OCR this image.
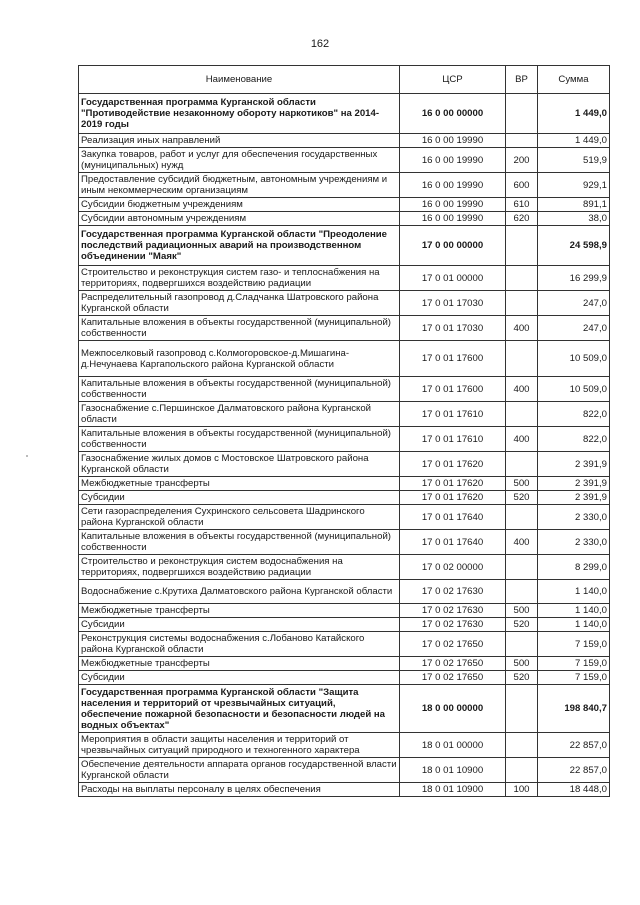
162
Наименование	ЦСР	ВР	Сумма
Государственная программа Курганской области "Противодействие незаконному обороту наркотиков" на 2014-2019 годы	16 0 00 00000		1 449,0
Реализация иных направлений	16 0 00 19990		1 449,0
Закупка товаров, работ и услуг для обеспечения государственных (муниципальных) нужд	16 0 00 19990	200	519,9
Предоставление субсидий бюджетным, автономным учреждениям и иным некоммерческим организациям	16 0 00 19990	600	929,1
Субсидии бюджетным учреждениям	16 0 00 19990	610	891,1
Субсидии автономным учреждениям	16 0 00 19990	620	38,0
Государственная программа Курганской области "Преодоление последствий радиационных аварий на производственном объединении "Маяк"	17 0 00 00000		24 598,9
Строительство и реконструкция систем газо- и теплоснабжения на территориях, подвергшихся воздействию радиации	17 0 01 00000		16 299,9
Распределительный газопровод д.Сладчанка Шатровского района Курганской области	17 0 01 17030		247,0
Капитальные вложения в объекты государственной (муниципальной) собственности	17 0 01 17030	400	247,0
Межпоселковый газопровод с.Колмогоровское-д.Мишагина-д.Нечунаева Каргапольского района Курганской области	17 0 01 17600		10 509,0
Капитальные вложения в объекты государственной (муниципальной) собственности	17 0 01 17600	400	10 509,0
Газоснабжение с.Першинское Далматовского района Курганской области	17 0 01 17610		822,0
Капитальные вложения в объекты государственной (муниципальной) собственности	17 0 01 17610	400	822,0
Газоснабжение жилых домов с Мостовское Шатровского района Курганской области	17 0 01 17620		2 391,9
Межбюджетные трансферты	17 0 01 17620	500	2 391,9
Субсидии	17 0 01 17620	520	2 391,9
Сети газораспределения Сухринского сельсовета Шадринского района Курганской области	17 0 01 17640		2 330,0
Капитальные вложения в объекты государственной (муниципальной) собственности	17 0 01 17640	400	2 330,0
Строительство и реконструкция систем водоснабжения на территориях, подвергшихся воздействию радиации	17 0 02 00000		8 299,0
Водоснабжение с.Крутиха Далматовского района Курганской области	17 0 02 17630		1 140,0
Межбюджетные трансферты	17 0 02 17630	500	1 140,0
Субсидии	17 0 02 17630	520	1 140,0
Реконструкция системы водоснабжения с.Лобаново Катайского района Курганской области	17 0 02 17650		7 159,0
Межбюджетные трансферты	17 0 02 17650	500	7 159,0
Субсидии	17 0 02 17650	520	7 159,0
Государственная программа Курганской области "Защита населения и территорий от чрезвычайных ситуаций, обеспечение пожарной безопасности и безопасности людей на водных объектах"	18 0 00 00000		198 840,7
Мероприятия в области защиты населения и территорий от чрезвычайных ситуаций природного и техногенного характера	18 0 01 00000		22 857,0
Обеспечение деятельности аппарата органов государственной власти Курганской области	18 0 01 10900		22 857,0
Расходы на выплаты персоналу в целях обеспечения	18 0 01 10900	100	18 448,0
